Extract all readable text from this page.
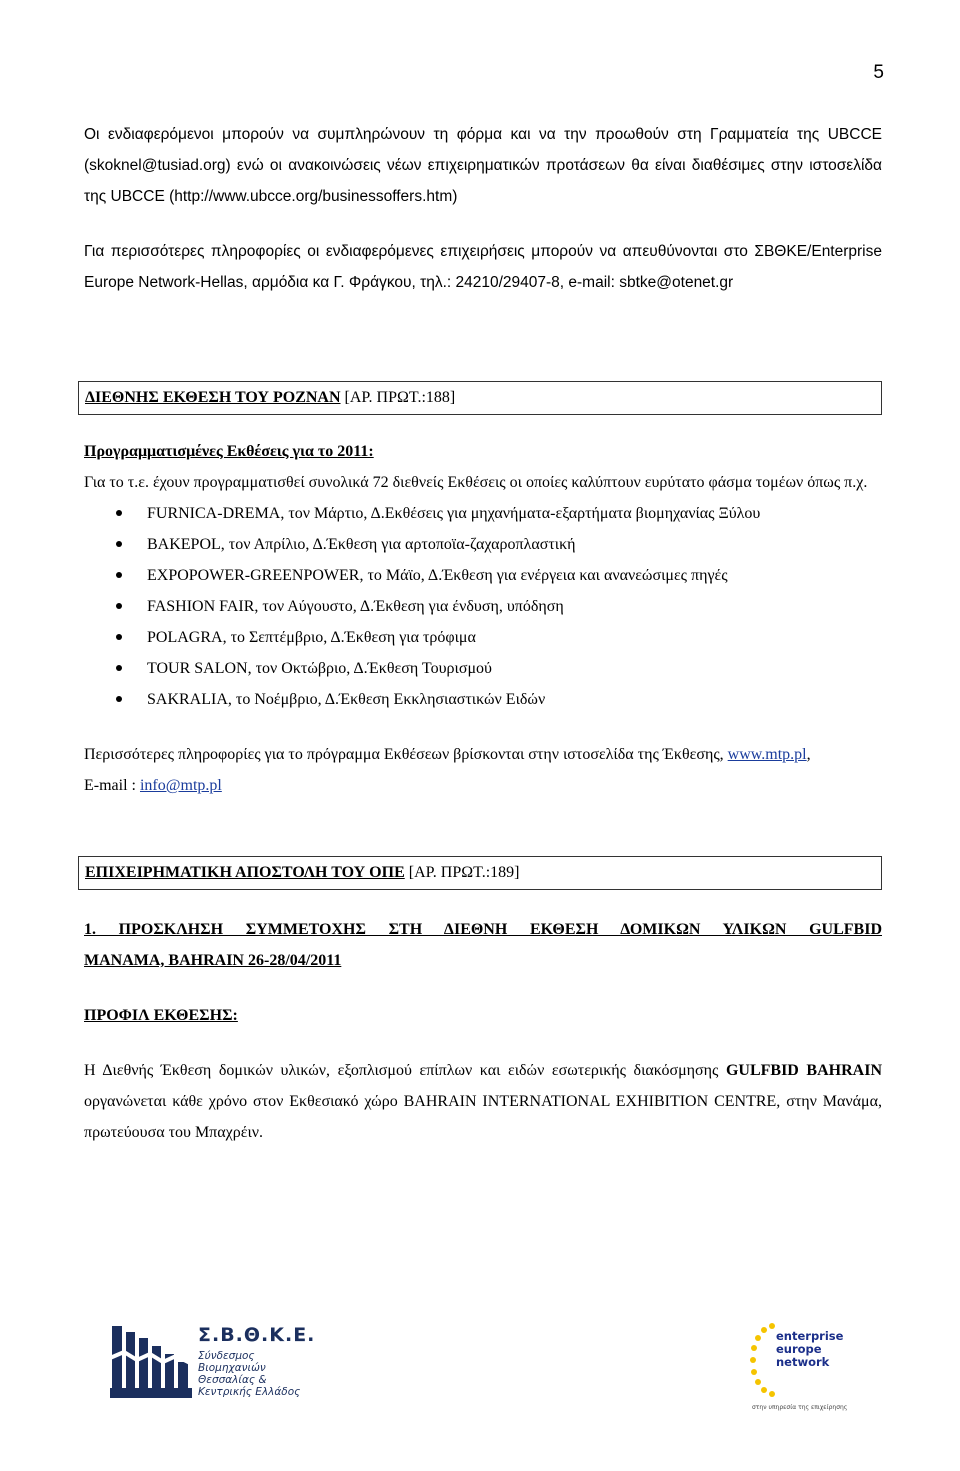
5

Οι ενδιαφερόμενοι μπορούν να συμπληρώνουν τη φόρμα και να την προωθούν στη Γραμματεία της UBCCE (skoknel@tusiad.org) ενώ οι ανακοινώσεις νέων επιχειρηματικών προτάσεων θα είναι διαθέσιμες στην ιστοσελίδα της UBCCE (http://www.ubcce.org/businessoffers.htm)

Για περισσότερες πληροφορίες οι ενδιαφερόμενες επιχειρήσεις μπορούν να απευθύνονται στο ΣΒΘΚΕ/Enterprise Europe Network-Hellas, αρμόδια κα Γ. Φράγκου, τηλ.: 24210/29407-8, e-mail: sbtke@otenet.gr

ΔΙΕΘΝΗΣ ΕΚΘΕΣΗ ΤΟΥ ΡΟΖΝΑΝ [ΑΡ. ΠΡΩΤ.:188]

Προγραμματισμένες Εκθέσεις για το 2011:

Για το τ.ε. έχουν προγραμματισθεί συνολικά 72 διεθνείς Εκθέσεις οι οποίες καλύπτουν ευρύτατο φάσμα τομέων όπως π.χ.

FURNICA-DREMA, τον Μάρτιο, Δ.Εκθέσεις για μηχανήματα-εξαρτήματα βιομηχανίας Ξύλου
BAKEPOL, τον Απρίλιο, Δ.Έκθεση για αρτοποϊα-ζαχαροπλαστική
EXPOPOWER-GREENPOWER, το Μάϊο, Δ.Έκθεση για ενέργεια και ανανεώσιμες πηγές
FASHION FAIR, τον Αύγουστο, Δ.Έκθεση για ένδυση, υπόδηση
POLAGRA, το Σεπτέμβριο, Δ.Έκθεση για τρόφιμα
TOUR SALON, τον Οκτώβριο, Δ.Έκθεση Τουρισμού
SAKRALIA, το Νοέμβριο, Δ.Έκθεση Εκκλησιαστικών Ειδών

Περισσότερες πληροφορίες για το πρόγραμμα Εκθέσεων βρίσκονται στην ιστοσελίδα της Έκθεσης, www.mtp.pl,
E-mail : info@mtp.pl

ΕΠΙΧΕΙΡΗΜΑΤΙΚΗ ΑΠΟΣΤΟΛΗ ΤΟΥ ΟΠΕ [ΑΡ. ΠΡΩΤ.:189]

1. ΠΡΟΣΚΛΗΣΗ ΣΥΜΜΕΤΟΧΗΣ ΣΤΗ ΔΙΕΘΝΗ ΕΚΘΕΣΗ ΔΟΜΙΚΩΝ ΥΛΙΚΩΝ GULFBID

MANAMA, BAHRAIN 26-28/04/2011

ΠΡΟΦΙΛ ΕΚΘΕΣΗΣ:

Η Διεθνής Έκθεση δομικών υλικών, εξοπλισμού επίπλων και ειδών εσωτερικής διακόσμησης GULFBID BAHRAIN οργανώνεται κάθε χρόνο στον Εκθεσιακό χώρο BAHRAIN INTERNATIONAL EXHIBITION CENTRE, στην Μανάμα, πρωτεύουσα του Μπαχρέιν.

Σ.Β.Θ.Κ.Ε.
Σύνδεσμος Βιομηχανιών
Θεσσαλίας &
Κεντρικής Ελλάδος
enterprise
europe
network
στην υπηρεσία της επιχείρησης
